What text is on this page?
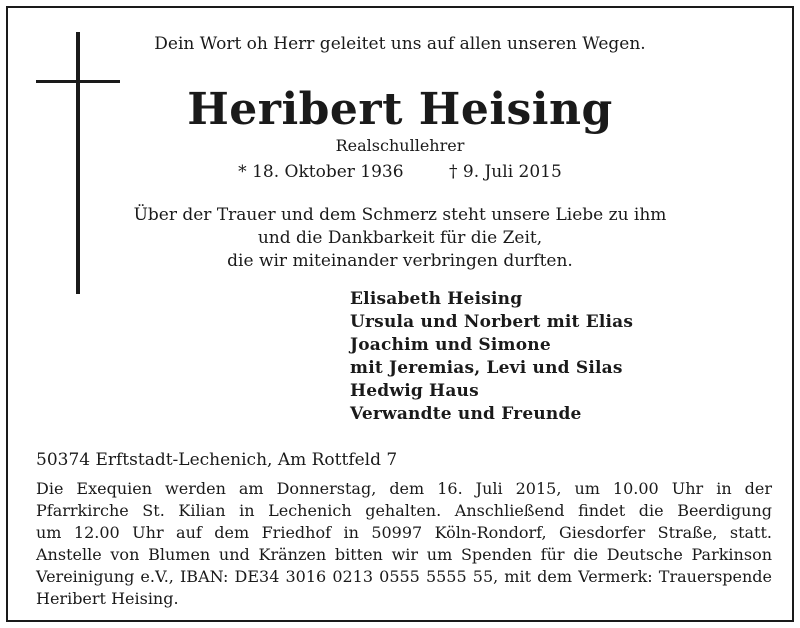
Dein Wort oh Herr geleitet uns auf allen unseren Wegen.
Heribert Heising
Realschullehrer
* 18. Oktober 1936	† 9. Juli 2015
Über der Trauer und dem Schmerz steht unsere Liebe zu ihm
und die Dankbarkeit für die Zeit,
die wir miteinander verbringen durften.
Elisabeth Heising
Ursula und Norbert mit Elias
Joachim und Simone
mit Jeremias, Levi und Silas
Hedwig Haus
Verwandte und Freunde
50374 Erftstadt-Lechenich, Am Rottfeld 7
Die Exequien werden am Donnerstag, dem 16. Juli 2015, um 10.00 Uhr in der
Pfarrkirche St. Kilian in Lechenich gehalten. Anschließend findet die Beerdigung
um 12.00 Uhr auf dem Friedhof in 50997 Köln-Rondorf, Giesdorfer Straße, statt.
Anstelle von Blumen und Kränzen bitten wir um Spenden für die Deutsche Parkinson
Vereinigung e.V., IBAN: DE34 3016 0213 0555 5555 55, mit dem Vermerk: Trauerspende
Heribert Heising.
